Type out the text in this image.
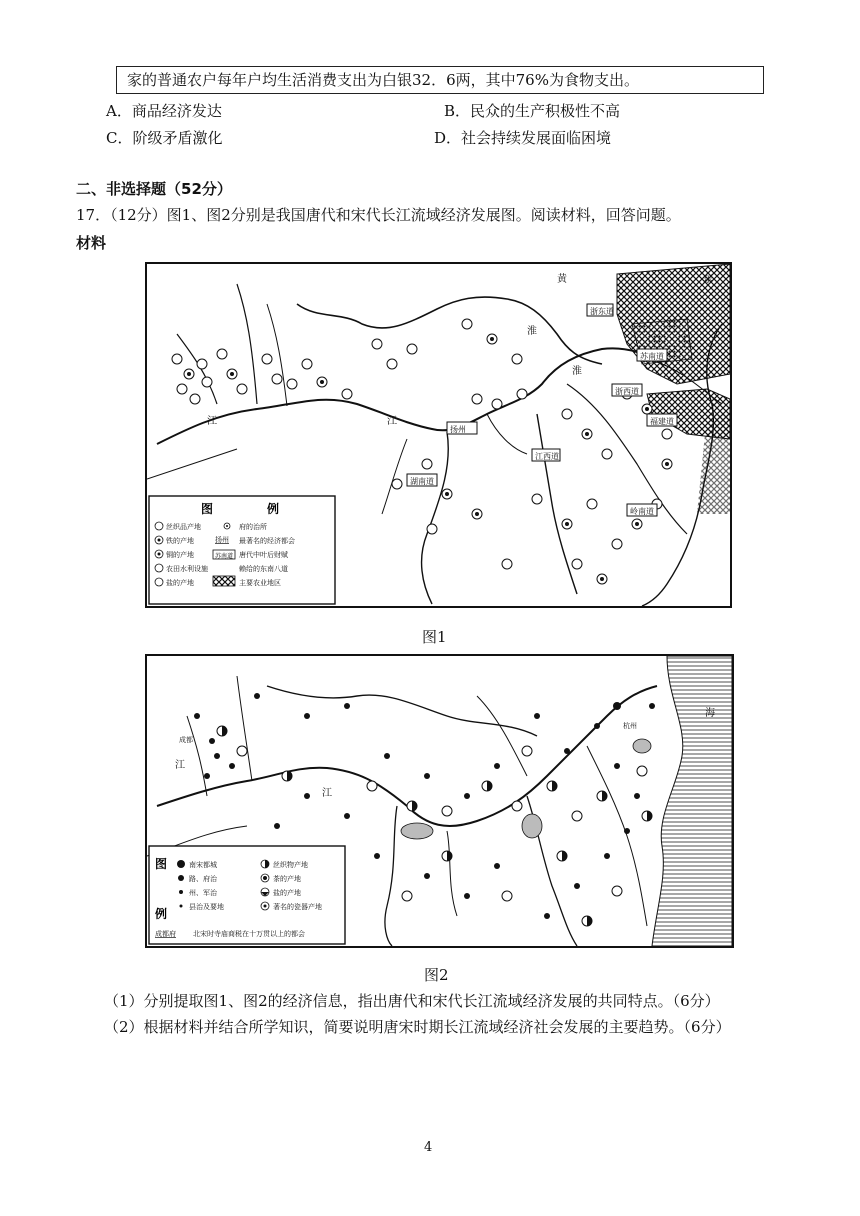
家的普通农户每年户均生活消费支出为白银32．6两，其中76%为食物支出。
A．商品经济发达	B．民众的生产积极性不高
C．阶级矛盾激化	D．社会持续发展面临困境
二、非选择题（52分）
17．（12分）图1、图2分别是我国唐代和宋代长江流域经济发展图。阅读材料，回答问题。
材料
浙东道
苏南道
浙西道
福建道
扬州
江西道
湖南道
岭南道
东
江
黄
淮
江
淮
图	例
丝织品产地
铁的产地
铜的产地
农田水利设施
盐的产地
府的治所
最著名的经济都会
唐代中叶后财赋
赖给的东南八道
主要农业地区
扬州
苏南道
图1
江
江
海
成都
杭州
图
例
南宋都城
路、府治
州、军治
县治及要地
丝织物产地
茶的产地
盐的产地
著名的瓷器产地
成都府 北宋时寺庙商税在十万贯以上的都会
图2
（1）分别提取图1、图2的经济信息，指出唐代和宋代长江流域经济发展的共同特点。（6分）
（2）根据材料并结合所学知识，简要说明唐宋时期长江流域经济社会发展的主要趋势。（6分）
4
